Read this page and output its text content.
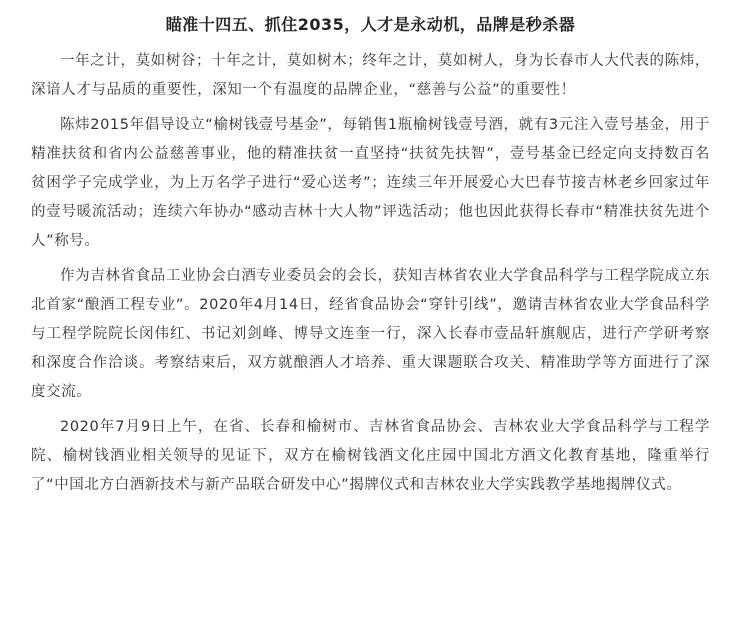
瞄准十四五、抓住2035，人才是永动机，品牌是秒杀器

一年之计，莫如树谷；十年之计，莫如树木；终年之计，莫如树人，身为长春市人大代表的陈炜，深谙人才与品质的重要性，深知一个有温度的品牌企业，“慈善与公益”的重要性！

陈炜2015年倡导设立“榆树钱壹号基金”，每销售1瓶榆树钱壹号酒，就有3元注入壹号基金，用于精准扶贫和省内公益慈善事业，他的精准扶贫一直坚持“扶贫先扶智”，壹号基金已经定向支持数百名贫困学子完成学业，为上万名学子进行“爱心送考”；连续三年开展爱心大巴春节接吉林老乡回家过年的壹号暖流活动；连续六年协办“感动吉林十大人物”评选活动；他也因此获得长春市“精准扶贫先进个人”称号。

作为吉林省食品工业协会白酒专业委员会的会长，获知吉林省农业大学食品科学与工程学院成立东北首家“酿酒工程专业”。2020年4月14日，经省食品协会“穿针引线”，邀请吉林省农业大学食品科学与工程学院院长闵伟红、书记刘剑峰、博导文连奎一行，深入长春市壹品轩旗舰店，进行产学研考察和深度合作洽谈。考察结束后，双方就酿酒人才培养、重大课题联合攻关、精准助学等方面进行了深度交流。

2020年7月9日上午，在省、长春和榆树市、吉林省食品协会、吉林农业大学食品科学与工程学院、榆树钱酒业相关领导的见证下，双方在榆树钱酒文化庄园中国北方酒文化教育基地，隆重举行了“中国北方白酒新技术与新产品联合研发中心”揭牌仪式和吉林农业大学实践教学基地揭牌仪式。
